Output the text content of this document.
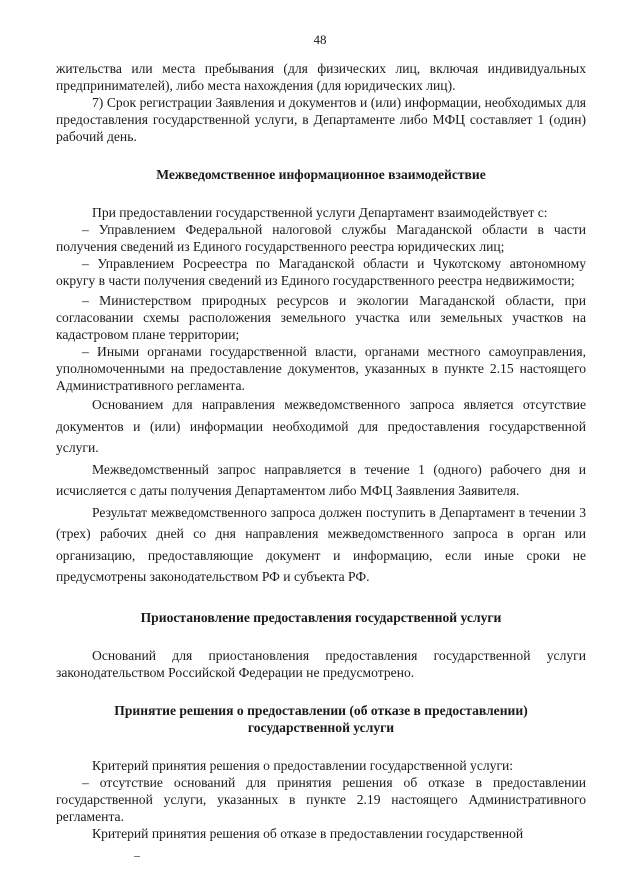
48

жительства или места пребывания (для физических лиц, включая индивидуальных предпринимателей), либо места нахождения (для юридических лиц).

7) Срок регистрации Заявления и документов и (или) информации, необходимых для предоставления государственной услуги, в Департаменте либо МФЦ составляет 1 (один) рабочий день.

Межведомственное информационное взаимодействие

При предоставлении государственной услуги Департамент взаимодействует с:

– Управлением Федеральной налоговой службы Магаданской области в части получения сведений из Единого государственного реестра юридических лиц;

– Управлением Росреестра по Магаданской области и Чукотскому автономному округу в части получения сведений из Единого государственного реестра недвижимости;

– Министерством природных ресурсов и экологии Магаданской области, при согласовании схемы расположения земельного участка или земельных участков на кадастровом плане территории;

– Иными органами государственной власти, органами местного самоуправления, уполномоченными на предоставление документов, указанных в пункте 2.15 настоящего Административного регламента.

Основанием для направления межведомственного запроса является отсутствие документов и (или) информации необходимой для предоставления государственной услуги.

Межведомственный запрос направляется в течение 1 (одного) рабочего дня и исчисляется с даты получения Департаментом либо МФЦ Заявления Заявителя.

Результат межведомственного запроса должен поступить в Департамент в течении 3 (трех) рабочих дней со дня направления межведомственного запроса в орган или организацию, предоставляющие документ и информацию, если иные сроки не предусмотрены законодательством РФ и субъекта РФ.

Приостановление предоставления государственной услуги

Оснований для приостановления предоставления государственной услуги законодательством Российской Федерации не предусмотрено.

Принятие решения о предоставлении (об отказе в предоставлении)
государственной услуги

Критерий принятия решения о предоставлении государственной услуги:

– отсутствие оснований для принятия решения об отказе в предоставлении государственной услуги, указанных в пункте 2.19 настоящего Административного регламента.

Критерий принятия решения об отказе в предоставлении государственной
